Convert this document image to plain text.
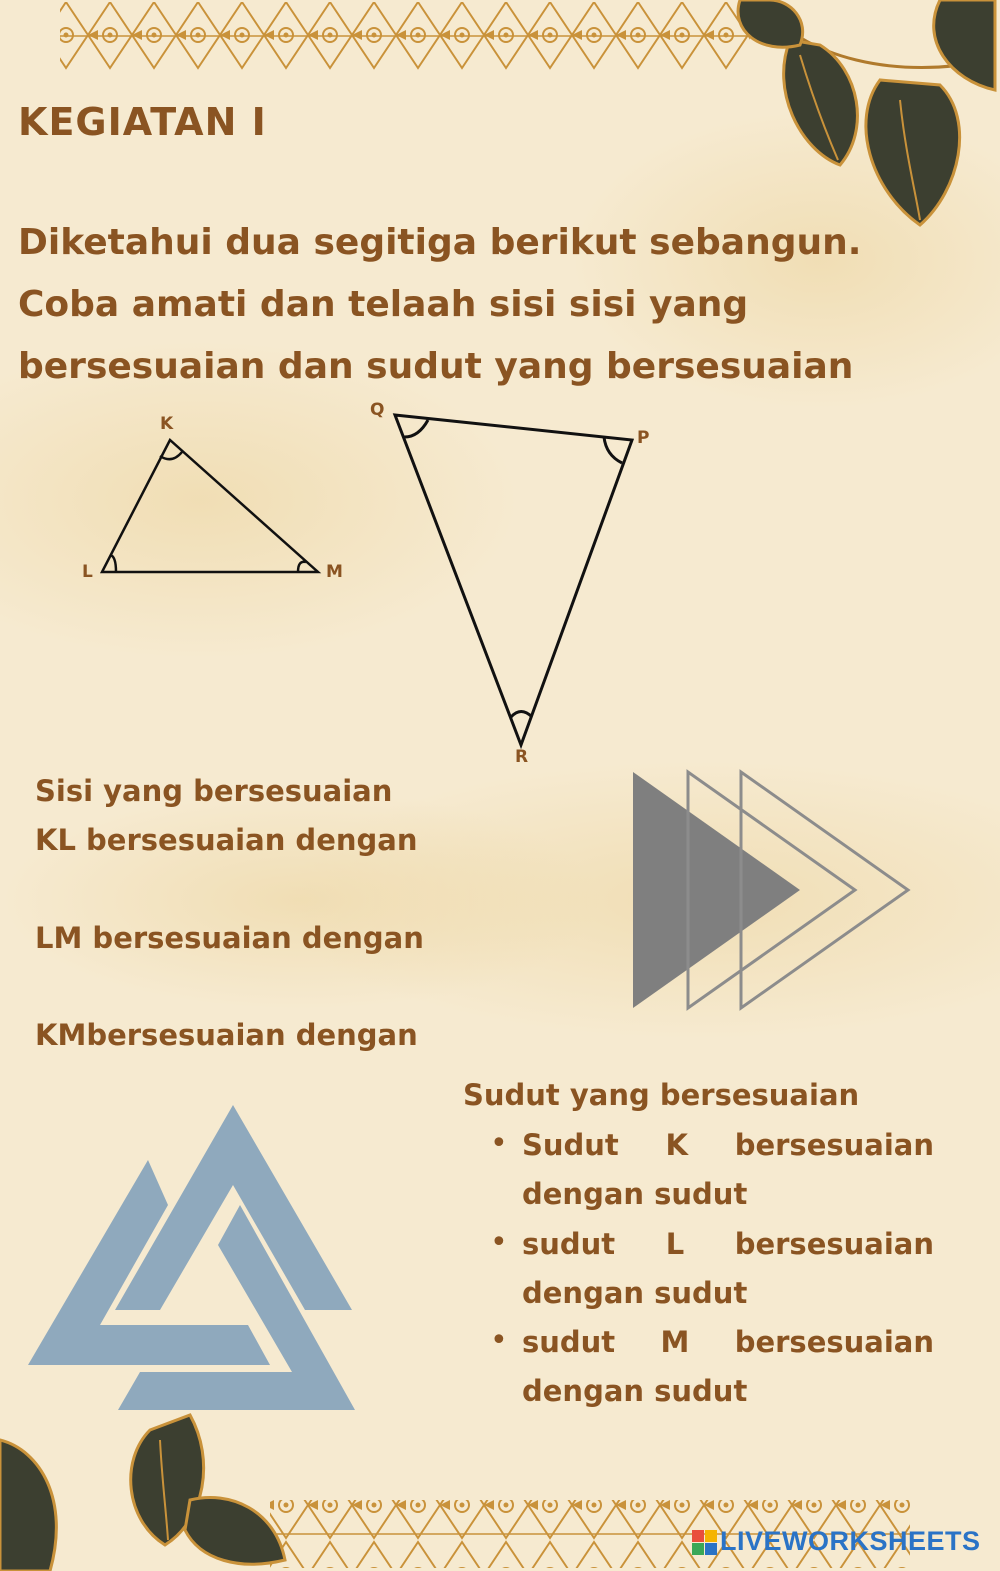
KEGIATAN I
Diketahui dua segitiga berikut sebangun.
Coba amati dan telaah sisi sisi yang
bersesuaian dan sudut yang bersesuaian
K
L	M
Q
P
R
Sisi yang bersesuaian
KL bersesuaian dengan
LM bersesuaian dengan
KMbersesuaian dengan
Sudut yang bersesuaian
• Sudut K bersesuaian
dengan sudut
• sudut L bersesuaian
dengan sudut
• sudut M bersesuaian
dengan sudut
LIVEWORKSHEETS
